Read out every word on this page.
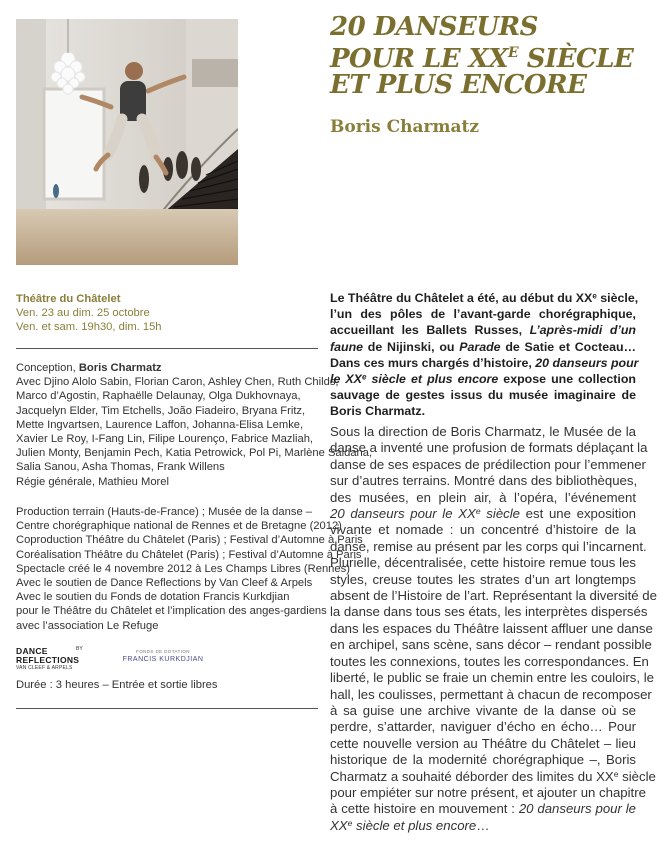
20 DANSEURS
POUR LE $XX^E$ SIÈCLE
ET PLUS ENCORE
Boris Charmatz
Théâtre du Châtelet
Ven. 23 au dim. 25 octobre
Ven. et sam. 19h30, dim. 15h
Conception, Boris Charmatz
Avec Djino Alolo Sabin, Florian Caron, Ashley Chen, Ruth Childs,
Marco d’Agostin, Raphaëlle Delaunay, Olga Dukhovnaya,
Jacquelyn Elder, Tim Etchells, João Fiadeiro, Bryana Fritz,
Mette Ingvartsen, Laurence Laffon, Johanna-Elisa Lemke,
Xavier Le Roy, I-Fang Lin, Filipe Lourenço, Fabrice Mazliah,
Julien Monty, Benjamin Pech, Katia Petrowick, Pol Pi, Marlène Saldana,
Salia Sanou, Asha Thomas, Frank Willens
Régie générale, Mathieu Morel
Production terrain (Hauts-de-France) ; Musée de la danse –
Centre chorégraphique national de Rennes et de Bretagne (2012)
Coproduction Théâtre du Châtelet (Paris) ; Festival d’Automne à Paris
Coréalisation Théâtre du Châtelet (Paris) ; Festival d’Automne à Paris
Spectacle créé le 4 novembre 2012 à Les Champs Libres (Rennes)
Avec le soutien de Dance Reflections by Van Cleef & Arpels
Avec le soutien du Fonds de dotation Francis Kurkdjian
pour le Théâtre du Châtelet et l’implication des anges-gardiens
avec l’association Le Refuge
DANCE
REFLECTIONS
BY
VAN CLEEF & ARPELS
FONDS DE DOTATION
FRANCIS KURKDJIAN
Durée : 3 heures – Entrée et sortie libres
Le Théâtre du Châtelet a été, au début du XXe siècle,
l’un des pôles de l’avant-garde chorégraphique,
accueillant les Ballets Russes, L’après-midi d’un
faune de Nijinski, ou Parade de Satie et Cocteau…
Dans ces murs chargés d’histoire, 20 danseurs pour
le XXe siècle et plus encore expose une collection
sauvage de gestes issus du musée imaginaire de
Boris Charmatz.
Sous la direction de Boris Charmatz, le Musée de la
danse a inventé une profusion de formats déplaçant la
danse de ses espaces de prédilection pour l’emmener
sur d’autres terrains. Montré dans des bibliothèques,
des musées, en plein air, à l’opéra, l’événement
20 danseurs pour le XXe siècle est une exposition
vivante et nomade : un concentré d’histoire de la
danse, remise au présent par les corps qui l’incarnent.
Plurielle, décentralisée, cette histoire remue tous les
styles, creuse toutes les strates d’un art longtemps
absent de l’Histoire de l’art. Représentant la diversité de
la danse dans tous ses états, les interprètes dispersés
dans les espaces du Théâtre laissent affluer une danse
en archipel, sans scène, sans décor – rendant possible
toutes les connexions, toutes les correspondances. En
liberté, le public se fraie un chemin entre les couloirs, le
hall, les coulisses, permettant à chacun de recomposer
à sa guise une archive vivante de la danse où se
perdre, s’attarder, naviguer d’écho en écho… Pour
cette nouvelle version au Théâtre du Châtelet – lieu
historique de la modernité chorégraphique –, Boris
Charmatz a souhaité déborder des limites du XXe siècle
pour empiéter sur notre présent, et ajouter un chapitre
à cette histoire en mouvement : 20 danseurs pour le
XXe siècle et plus encore…
